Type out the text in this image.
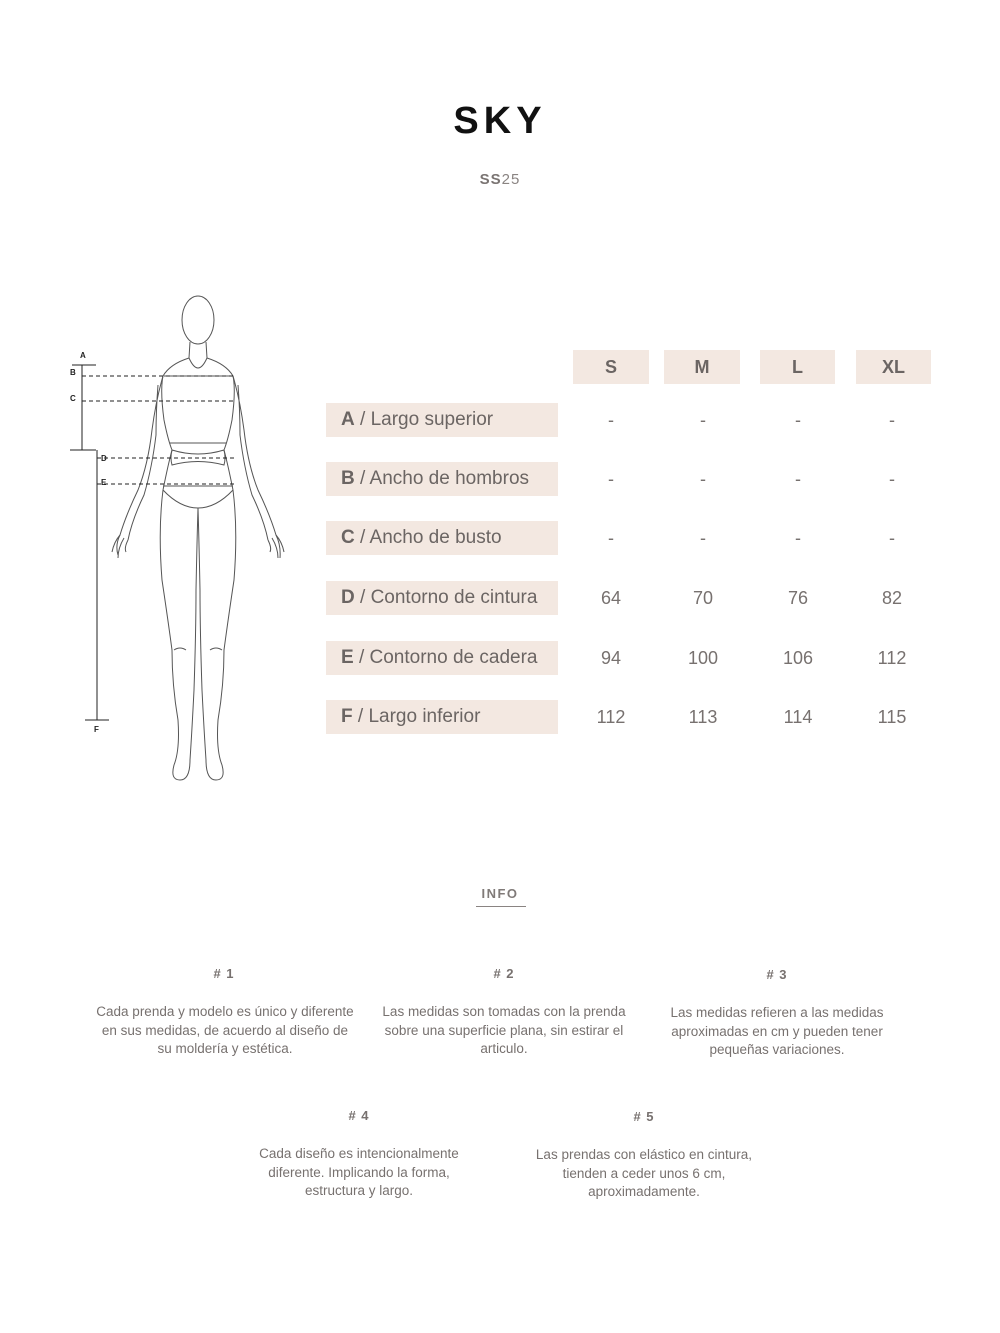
SKY
SS25
A
B
C
D
E
F
S	M	L	XL
A / Largo superior	-	-	-	-
B / Ancho de hombros	-	-	-	-
C / Ancho de busto	-	-	-	-
D / Contorno de cintura	64	70	76	82
E / Contorno de cadera	94	100	106	112
F / Largo inferior	112	113	114	115
INFO
# 1
Cada prenda y modelo es único y diferente en sus medidas, de acuerdo al diseño de su moldería y estética.
# 2
Las medidas son tomadas con la prenda sobre una superficie plana, sin estirar el articulo.
# 3
Las medidas refieren a las medidas aproximadas en cm y pueden tener pequeñas variaciones.
# 4
Cada diseño es intencionalmente diferente. Implicando la forma, estructura y largo.
# 5
Las prendas con elástico en cintura, tienden a ceder unos 6 cm, aproximadamente.
